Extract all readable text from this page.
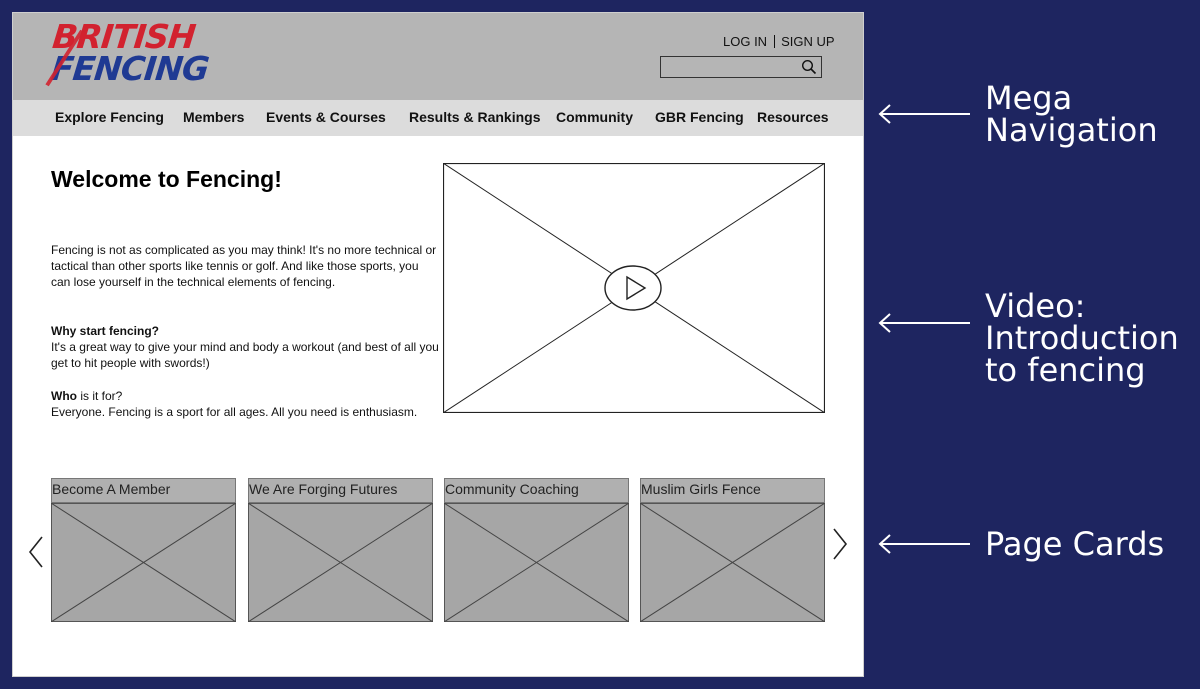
BRITISH
FENCING
LOG IN SIGN UP
Explore Fencing Members Events & Courses Results & Rankings Community GBR Fencing Resources
Welcome to Fencing!
Fencing is not as complicated as you may think! It's no more technical or tactical than other sports like tennis or golf. And like those sports, you can lose yourself in the technical elements of fencing.
Why start fencing?
It's a great way to give your mind and body a workout (and best of all you get to hit people with swords!)
Who is it for?
Everyone. Fencing is a sport for all ages. All you need is enthusiasm.
Become A Member	We Are Forging Futures	Community Coaching	Muslim Girls Fence
Mega
Navigation
Video:
Introduction
to fencing
Page Cards
